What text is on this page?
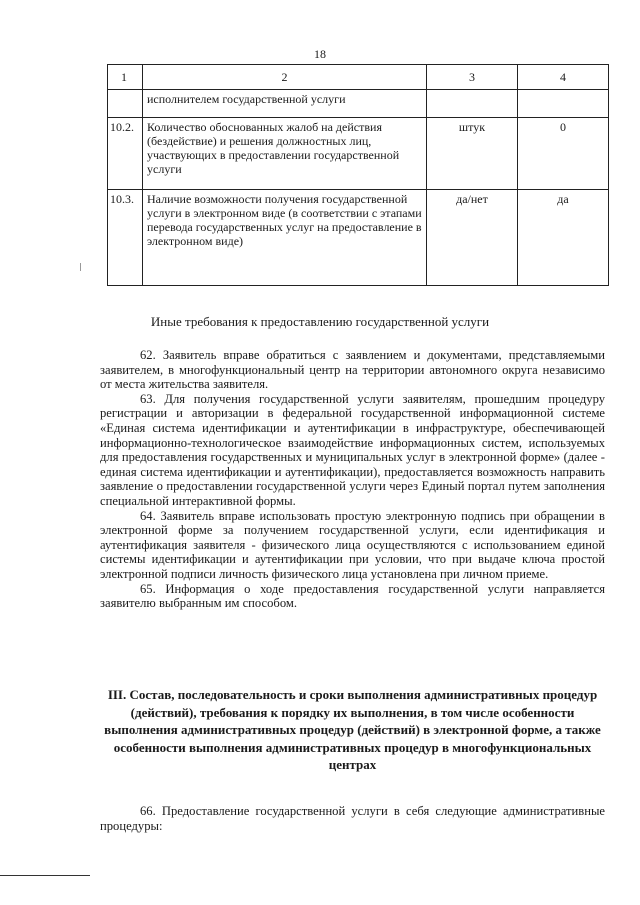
18
1	2	3	4
	исполнителем государственной услуги		
10.2.	Количество обоснованных жалоб на действия (бездействие) и решения должностных лиц, участвующих в предоставлении государственной услуги	штук	0
10.3.	Наличие возможности получения государственной услуги в электронном виде (в соответствии с этапами перевода государственных услуг на предоставление в электронном виде)	да/нет	да
Иные требования к предоставлению государственной услуги

62. Заявитель вправе обратиться с заявлением и документами, представляемыми заявителем, в многофункциональный центр на территории автономного округа независимо от места жительства заявителя.

63. Для получения государственной услуги заявителям, прошедшим процедуру регистрации и авторизации в федеральной государственной информационной системе «Единая система идентификации и аутентификации в инфраструктуре, обеспечивающей информационно-технологическое взаимодействие информационных систем, используемых для предоставления государственных и муниципальных услуг в электронной форме» (далее - единая система идентификации и аутентификации), предоставляется возможность направить заявление о предоставлении государственной услуги через Единый портал путем заполнения специальной интерактивной формы.

64. Заявитель вправе использовать простую электронную подпись при обращении в электронной форме за получением государственной услуги, если идентификация и аутентификация заявителя - физического лица осуществляются с использованием единой системы идентификации и аутентификации при условии, что при выдаче ключа простой электронной подписи личность физического лица установлена при личном приеме.

65. Информация о ходе предоставления государственной услуги направляется заявителю выбранным им способом.

III. Состав, последовательность и сроки выполнения административных процедур (действий), требования к порядку их выполнения, в том числе особенности выполнения административных процедур (действий) в электронной форме, а также особенности выполнения административных процедур в многофункциональных центрах

66. Предоставление государственной услуги в себя следующие административные процедуры:
